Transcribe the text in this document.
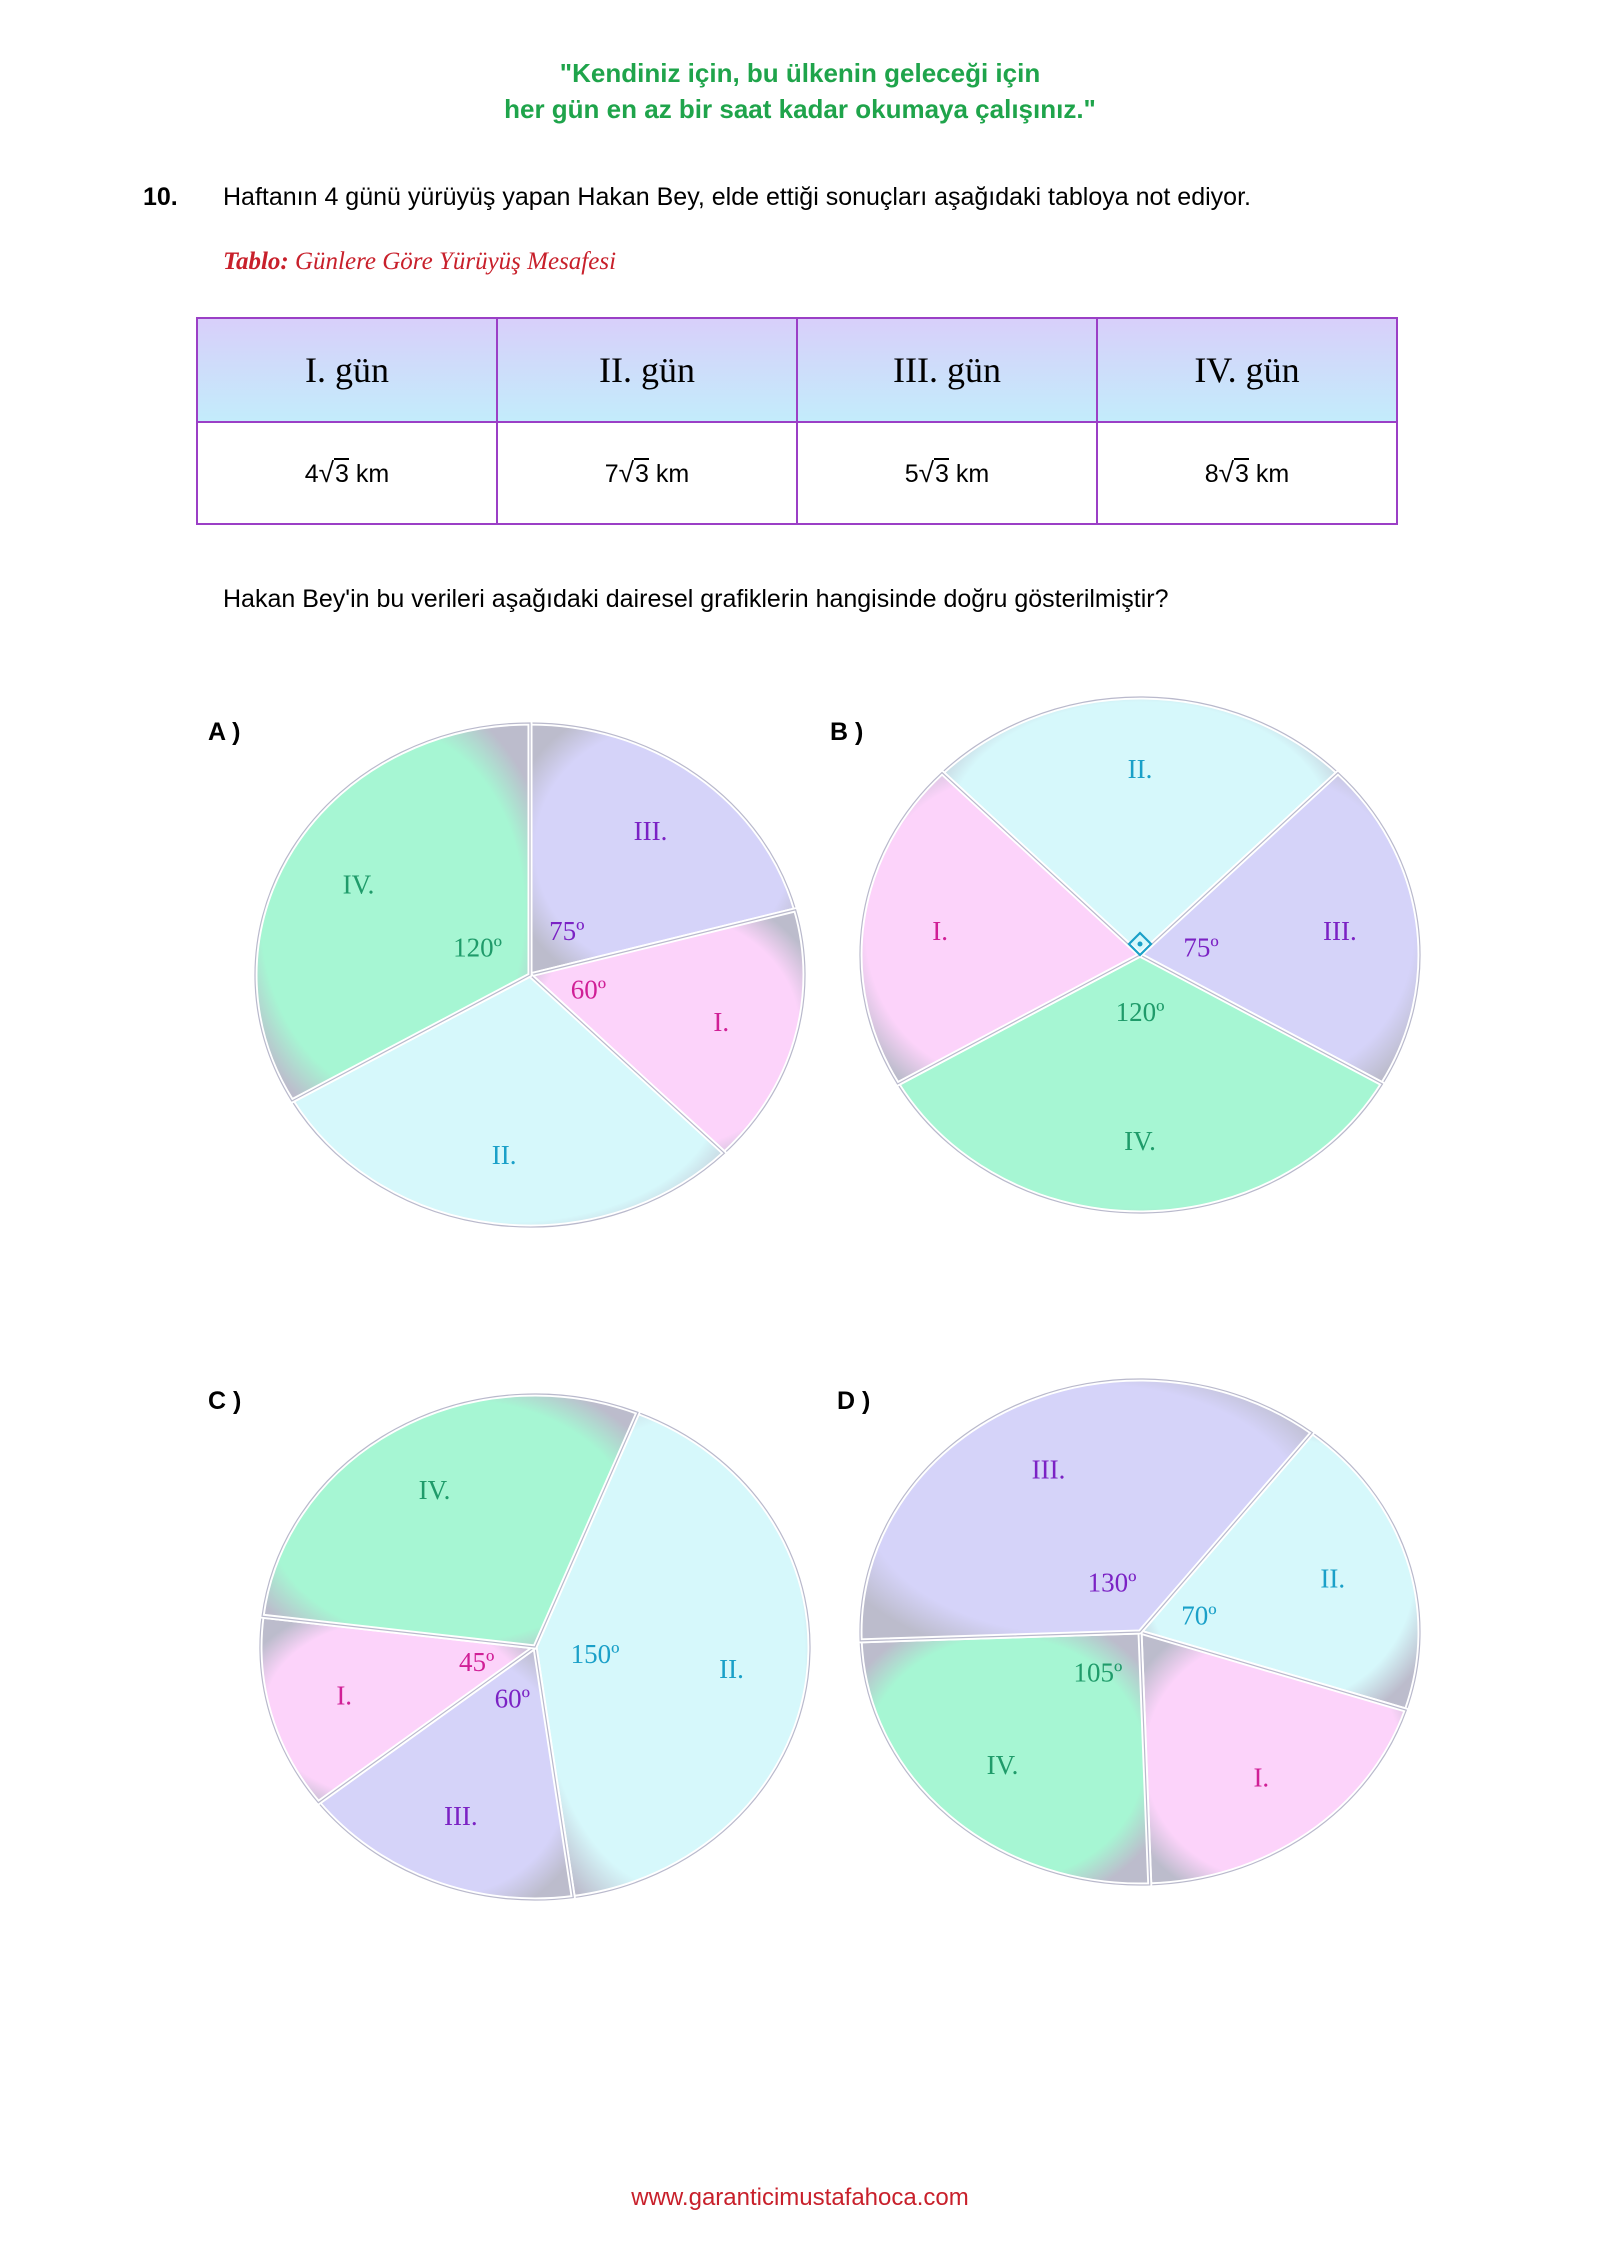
"Kendiniz için, bu ülkenin geleceği için
her gün en az bir saat kadar okumaya çalışınız."
10. Haftanın 4 günü yürüyüş yapan Hakan Bey, elde ettiği sonuçları aşağıdaki tabloya not ediyor.
Tablo: Günlere Göre Yürüyüş Mesafesi
I. gün	II. gün	III. gün	IV. gün
4√3 km	7√3 km	5√3 km	8√3 km
Hakan Bey'in bu verileri aşağıdaki dairesel grafiklerin hangisinde doğru gösterilmiştir?
A )	B )
C )	D )
III.
75º
I.
60º
II.
IV.
120º
II.
III.
75º
IV.
120º
I.
II.
150º
III.
60º
I.
45º
IV.
II.
70º
I.
IV.
105º
III.
130º
www.garanticimustafahoca.com
